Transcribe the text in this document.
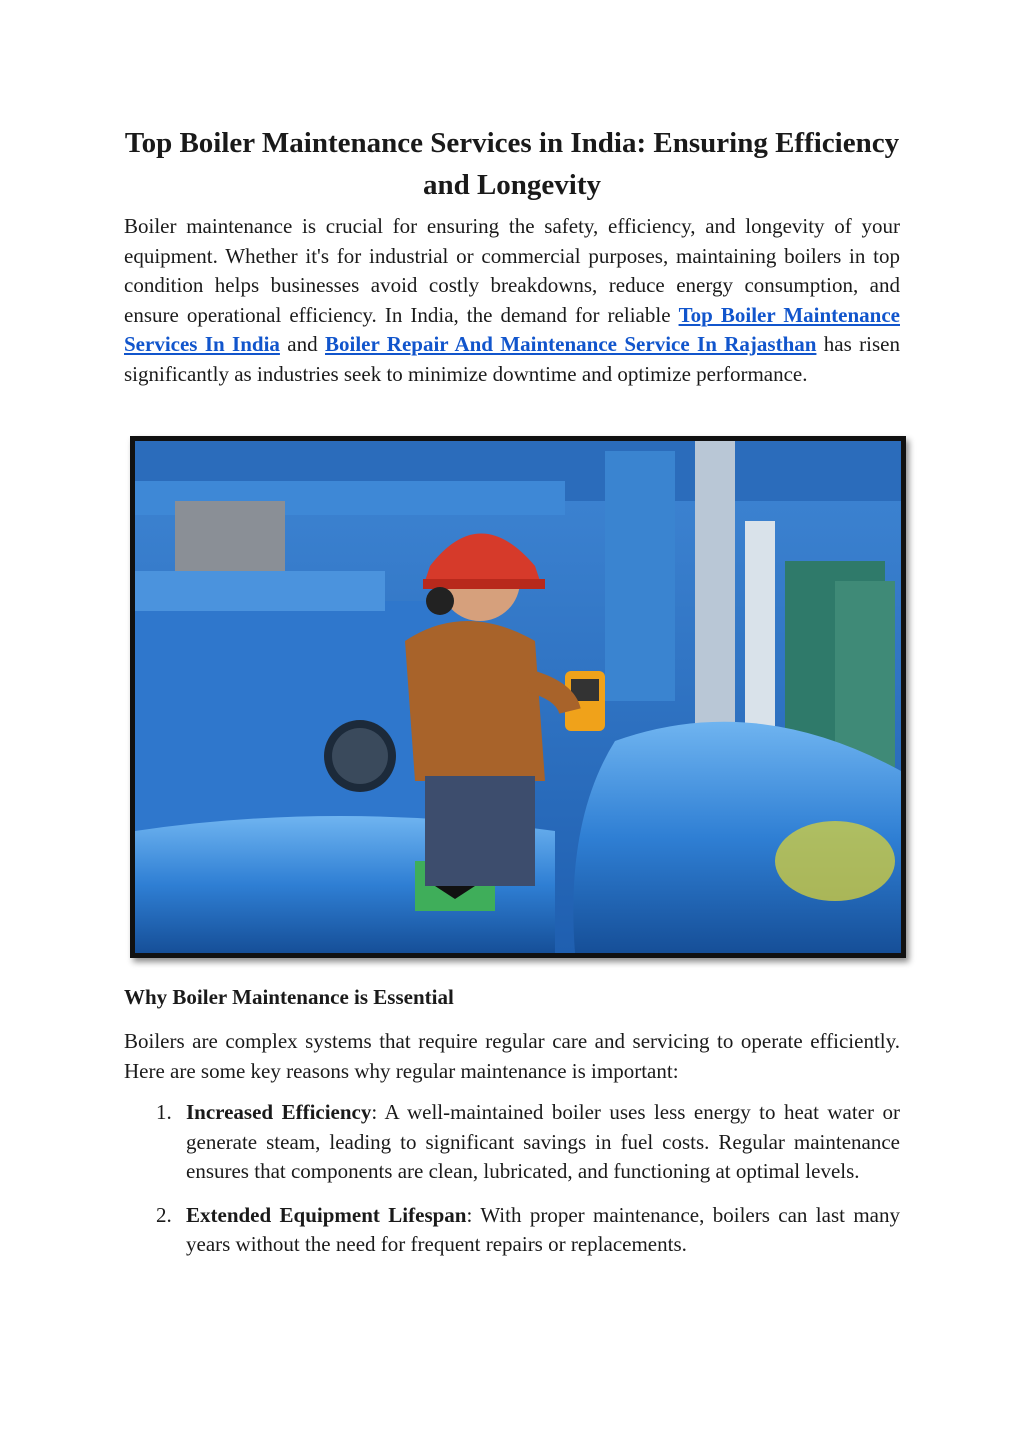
Top Boiler Maintenance Services in India: Ensuring Efficiency and Longevity

Boiler maintenance is crucial for ensuring the safety, efficiency, and longevity of your equipment. Whether it's for industrial or commercial purposes, maintaining boilers in top condition helps businesses avoid costly breakdowns, reduce energy consumption, and ensure operational efficiency. In India, the demand for reliable Top Boiler Maintenance Services In India and Boiler Repair And Maintenance Service In Rajasthan has risen significantly as industries seek to minimize downtime and optimize performance.

Why Boiler Maintenance is Essential

Boilers are complex systems that require regular care and servicing to operate efficiently. Here are some key reasons why regular maintenance is important:

1. Increased Efficiency: A well-maintained boiler uses less energy to heat water or generate steam, leading to significant savings in fuel costs. Regular maintenance ensures that components are clean, lubricated, and functioning at optimal levels.
2. Extended Equipment Lifespan: With proper maintenance, boilers can last many years without the need for frequent repairs or replacements.
